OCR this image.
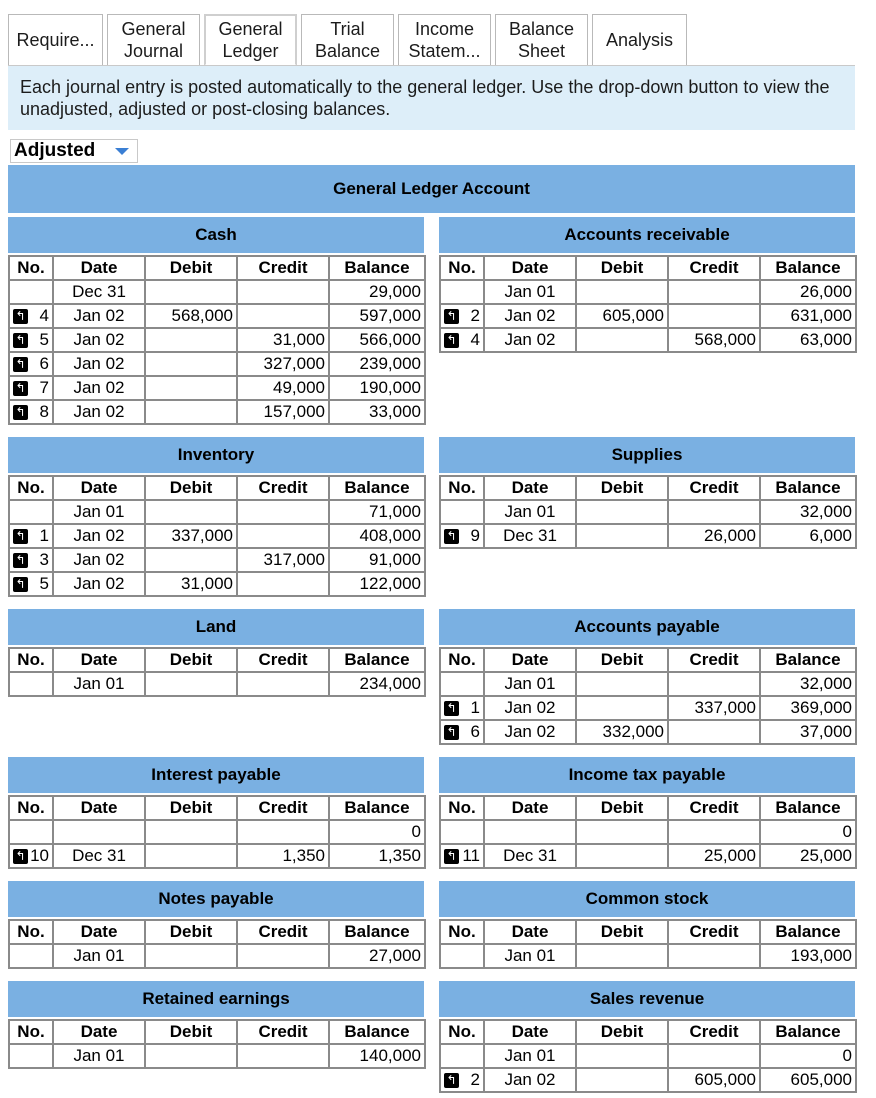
Require...
General
Journal
General
Ledger
Trial
Balance
Income
Statem...
Balance
Sheet
Analysis
Each journal entry is posted automatically to the general ledger. Use the drop-down button to view the unadjusted, adjusted or post-closing balances.
Adjusted
General Ledger Account
Cash
No.	Date	Debit	Credit	Balance
	Dec 31			29,000

↰ 4	Jan 02	568,000		597,000

↰ 5	Jan 02		31,000	566,000

↰ 6	Jan 02		327,000	239,000

↰ 7	Jan 02		49,000	190,000

↰ 8	Jan 02		157,000	33,000
Accounts receivable
No.	Date	Debit	Credit	Balance
	Jan 01			26,000

↰ 2	Jan 02	605,000		631,000

↰ 4	Jan 02		568,000	63,000
Inventory
No.	Date	Debit	Credit	Balance
	Jan 01			71,000

↰ 1	Jan 02	337,000		408,000

↰ 3	Jan 02		317,000	91,000

↰ 5	Jan 02	31,000		122,000
Supplies
No.	Date	Debit	Credit	Balance
	Jan 01			32,000

↰ 9	Dec 31		26,000	6,000
Land
No.	Date	Debit	Credit	Balance
	Jan 01			234,000
Accounts payable
No.	Date	Debit	Credit	Balance
	Jan 01			32,000

↰ 1	Jan 02		337,000	369,000

↰ 6	Jan 02	332,000		37,000
Interest payable
No.	Date	Debit	Credit	Balance
				0

↰ 10	Dec 31		1,350	1,350
Income tax payable
No.	Date	Debit	Credit	Balance
				0

↰ 11	Dec 31		25,000	25,000
Notes payable
No.	Date	Debit	Credit	Balance
	Jan 01			27,000
Common stock
No.	Date	Debit	Credit	Balance
	Jan 01			193,000
Retained earnings
No.	Date	Debit	Credit	Balance
	Jan 01			140,000
Sales revenue
No.	Date	Debit	Credit	Balance
	Jan 01			0

↰ 2	Jan 02		605,000	605,000
